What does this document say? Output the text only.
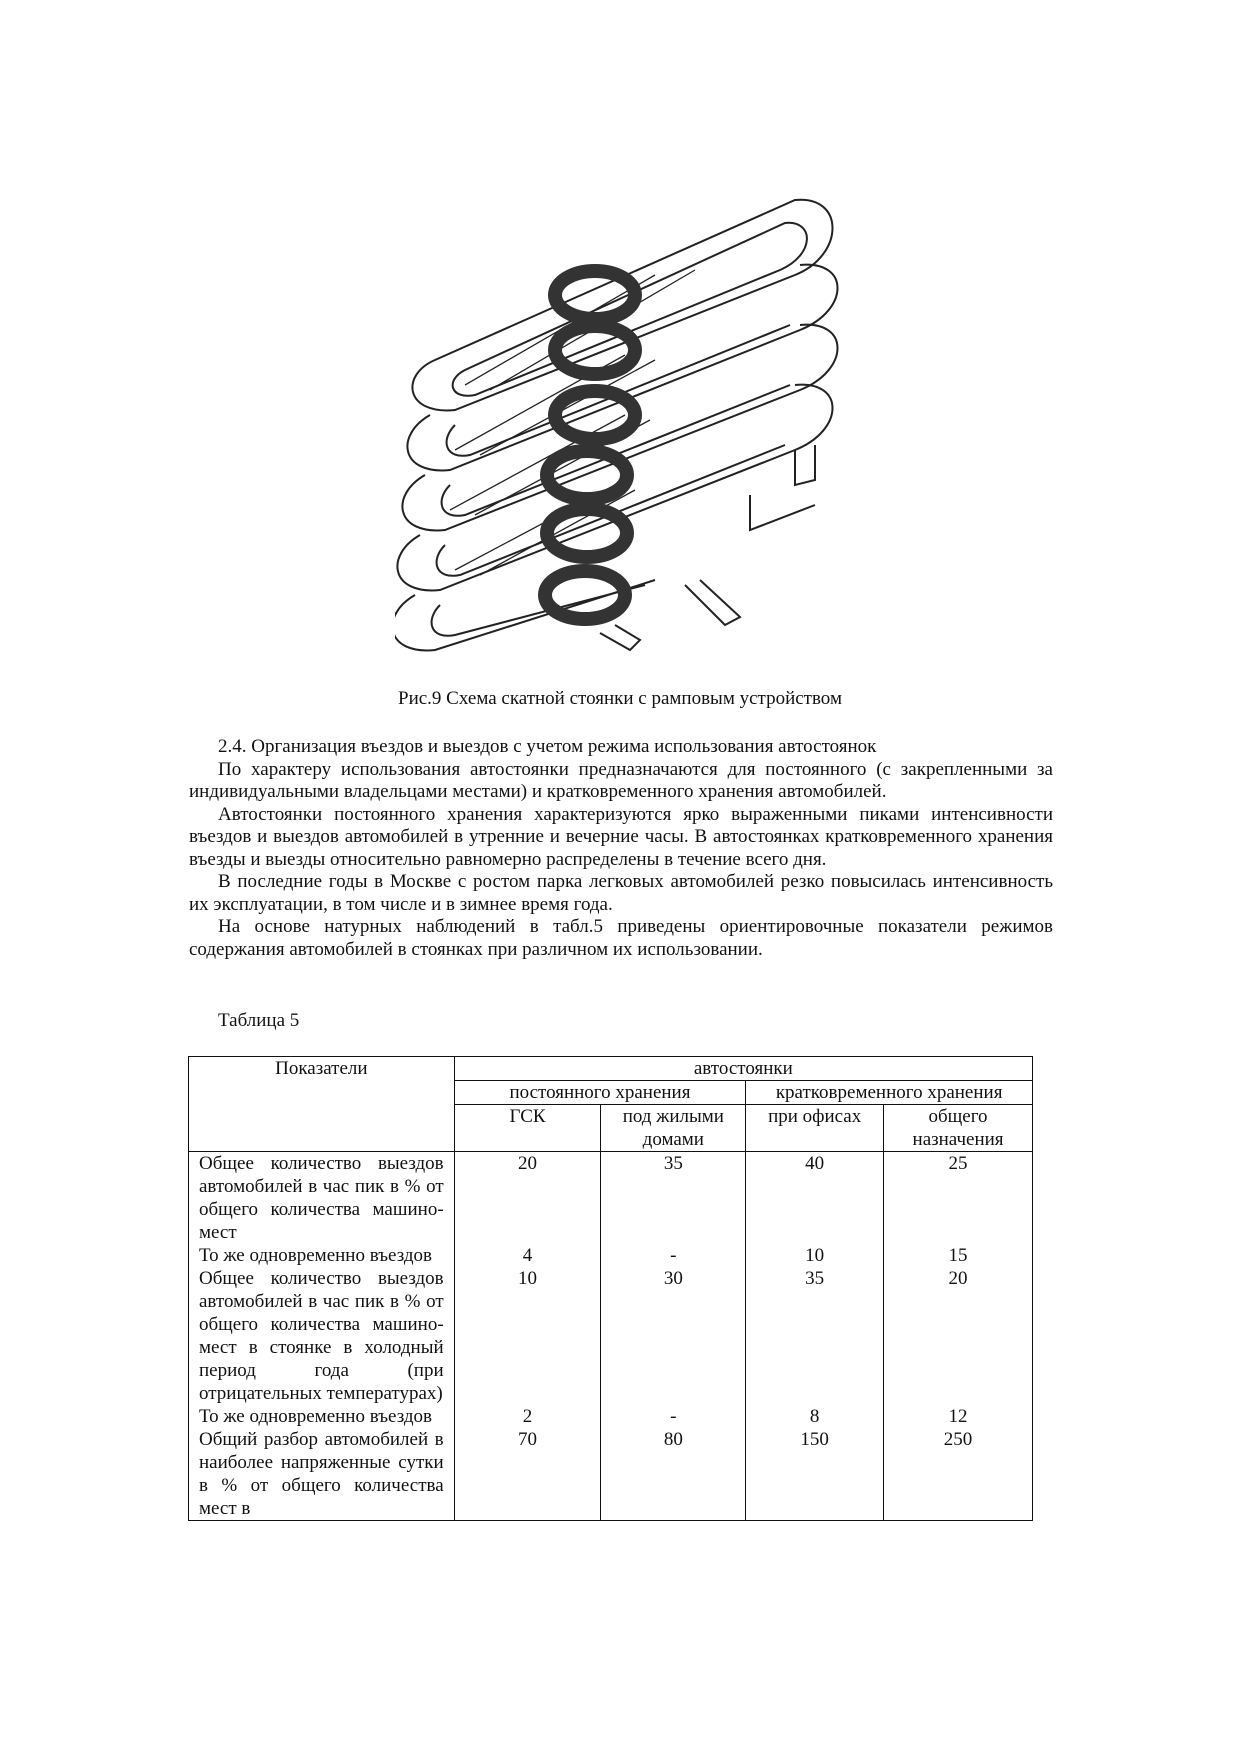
Рис.9 Схема скатной стоянки с рамповым устройством

2.4. Организация въездов и выездов с учетом режима использования автостоянок

По характеру использования автостоянки предназначаются для постоянного (с закрепленными за индивидуальными владельцами местами) и кратковременного хранения автомобилей.

Автостоянки постоянного хранения характеризуются ярко выраженными пиками интенсивности въездов и выездов автомобилей в утренние и вечерние часы. В автостоянках кратковременного хранения въезды и выезды относительно равномерно распределены в течение всего дня.

В последние годы в Москве с ростом парка легковых автомобилей резко повысилась интенсивность их эксплуатации, в том числе и в зимнее время года.

На основе натурных наблюдений в табл.5 приведены ориентировочные показатели режимов содержания автомобилей в стоянках при различном их использовании.

Таблица 5
Показатели	автостоянки			
	постоянного хранения		кратковременного хранения	
	ГСК	под жилыми домами	при офисах	общего назначения
Общее количество выездов автомобилей в час пик в % от общего количества машино-мест	20	35	40	25
То же одновременно въездов	4	-	10	15
Общее количество выездов автомобилей в час пик в % от общего количества машино-мест в стоянке в холодный период года (при отрицательных температурах)	10	30	35	20
То же одновременно въездов	2	-	8	12
Общий разбор автомобилей в наиболее напряженные сутки в % от общего количества мест в	70	80	150	250
